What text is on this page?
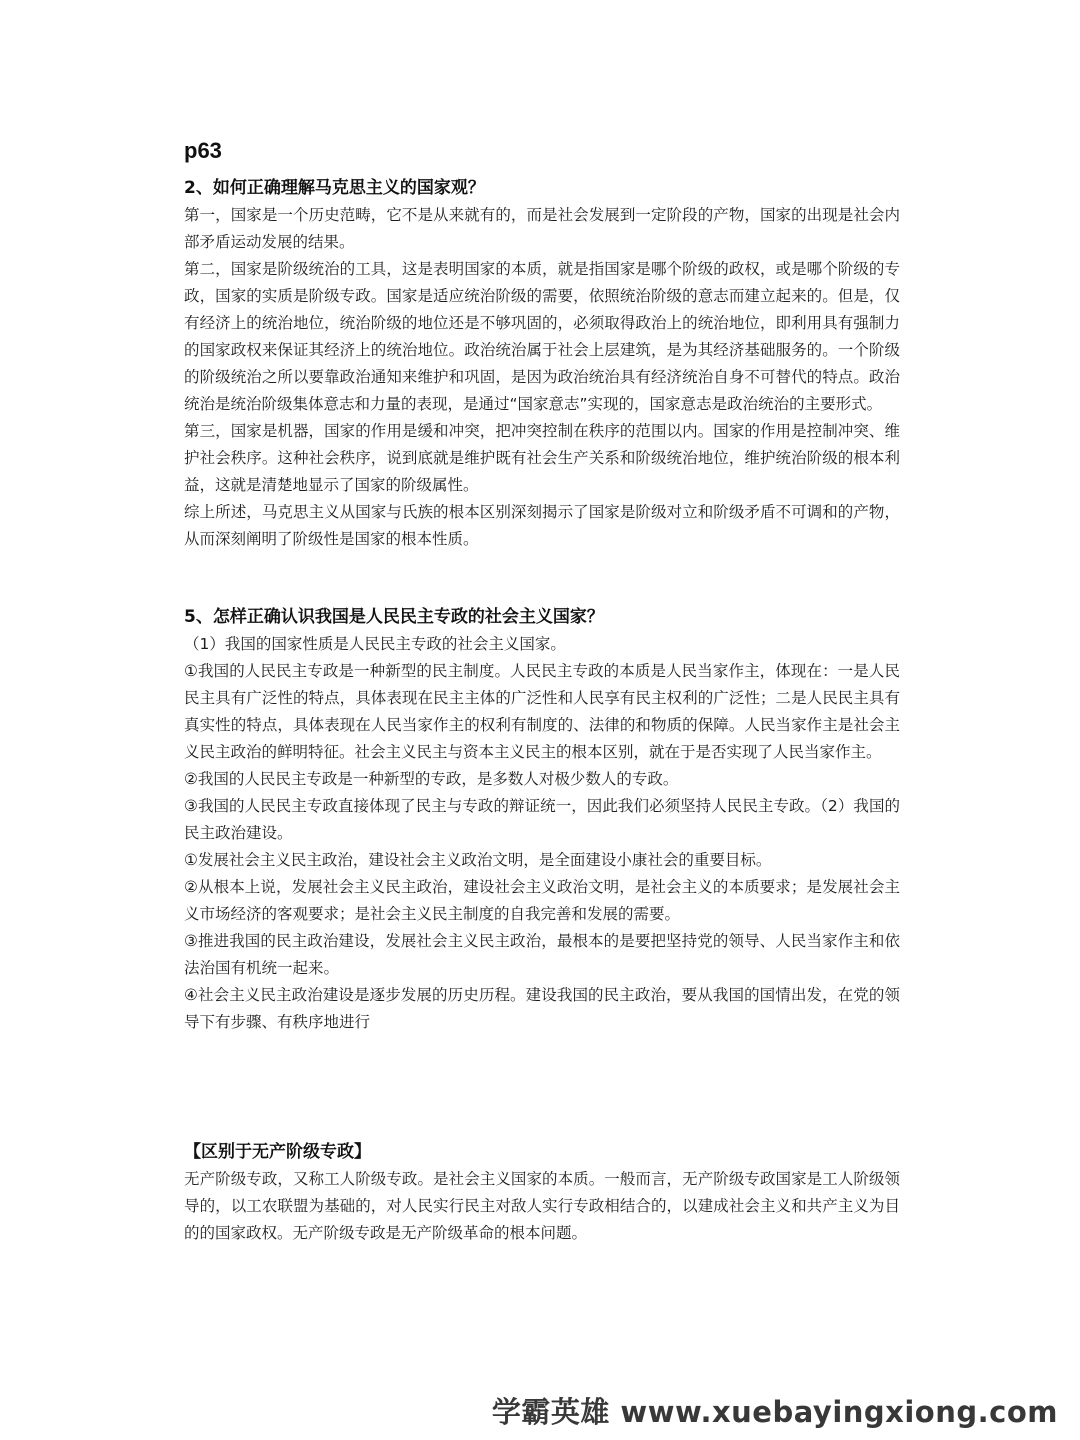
p63
2、如何正确理解马克思主义的国家观？

第一，国家是一个历史范畴，它不是从来就有的，而是社会发展到一定阶段的产物，国家的出现是社会内部矛盾运动发展的结果。

第二，国家是阶级统治的工具，这是表明国家的本质，就是指国家是哪个阶级的政权，或是哪个阶级的专政，国家的实质是阶级专政。国家是适应统治阶级的需要，依照统治阶级的意志而建立起来的。但是，仅有经济上的统治地位，统治阶级的地位还是不够巩固的，必须取得政治上的统治地位，即利用具有强制力的国家政权来保证其经济上的统治地位。政治统治属于社会上层建筑，是为其经济基础服务的。一个阶级的阶级统治之所以要靠政治通知来维护和巩固，是因为政治统治具有经济统治自身不可替代的特点。政治统治是统治阶级集体意志和力量的表现，是通过“国家意志”实现的，国家意志是政治统治的主要形式。

第三，国家是机器，国家的作用是缓和冲突，把冲突控制在秩序的范围以内。国家的作用是控制冲突、维护社会秩序。这种社会秩序，说到底就是维护既有社会生产关系和阶级统治地位，维护统治阶级的根本利益，这就是清楚地显示了国家的阶级属性。

综上所述，马克思主义从国家与氏族的根本区别深刻揭示了国家是阶级对立和阶级矛盾不可调和的产物，从而深刻阐明了阶级性是国家的根本性质。

5、怎样正确认识我国是人民民主专政的社会主义国家？

（1）我国的国家性质是人民民主专政的社会主义国家。

①我国的人民民主专政是一种新型的民主制度。人民民主专政的本质是人民当家作主，体现在：一是人民民主具有广泛性的特点，具体表现在民主主体的广泛性和人民享有民主权利的广泛性；二是人民民主具有真实性的特点，具体表现在人民当家作主的权利有制度的、法律的和物质的保障。人民当家作主是社会主义民主政治的鲜明特征。社会主义民主与资本主义民主的根本区别，就在于是否实现了人民当家作主。

②我国的人民民主专政是一种新型的专政，是多数人对极少数人的专政。

③我国的人民民主专政直接体现了民主与专政的辩证统一，因此我们必须坚持人民民主专政。（2）我国的民主政治建设。

①发展社会主义民主政治，建设社会主义政治文明，是全面建设小康社会的重要目标。

②从根本上说，发展社会主义民主政治，建设社会主义政治文明，是社会主义的本质要求；是发展社会主义市场经济的客观要求；是社会主义民主制度的自我完善和发展的需要。

③推进我国的民主政治建设，发展社会主义民主政治，最根本的是要把坚持党的领导、人民当家作主和依法治国有机统一起来。

④社会主义民主政治建设是逐步发展的历史历程。建设我国的民主政治，要从我国的国情出发，在党的领导下有步骤、有秩序地进行

【区别于无产阶级专政】

无产阶级专政，又称工人阶级专政。是社会主义国家的本质。一般而言，无产阶级专政国家是工人阶级领导的，以工农联盟为基础的，对人民实行民主对敌人实行专政相结合的，以建成社会主义和共产主义为目的的国家政权。无产阶级专政是无产阶级革命的根本问题。

学霸英雄 www.xuebayingxiong.com
